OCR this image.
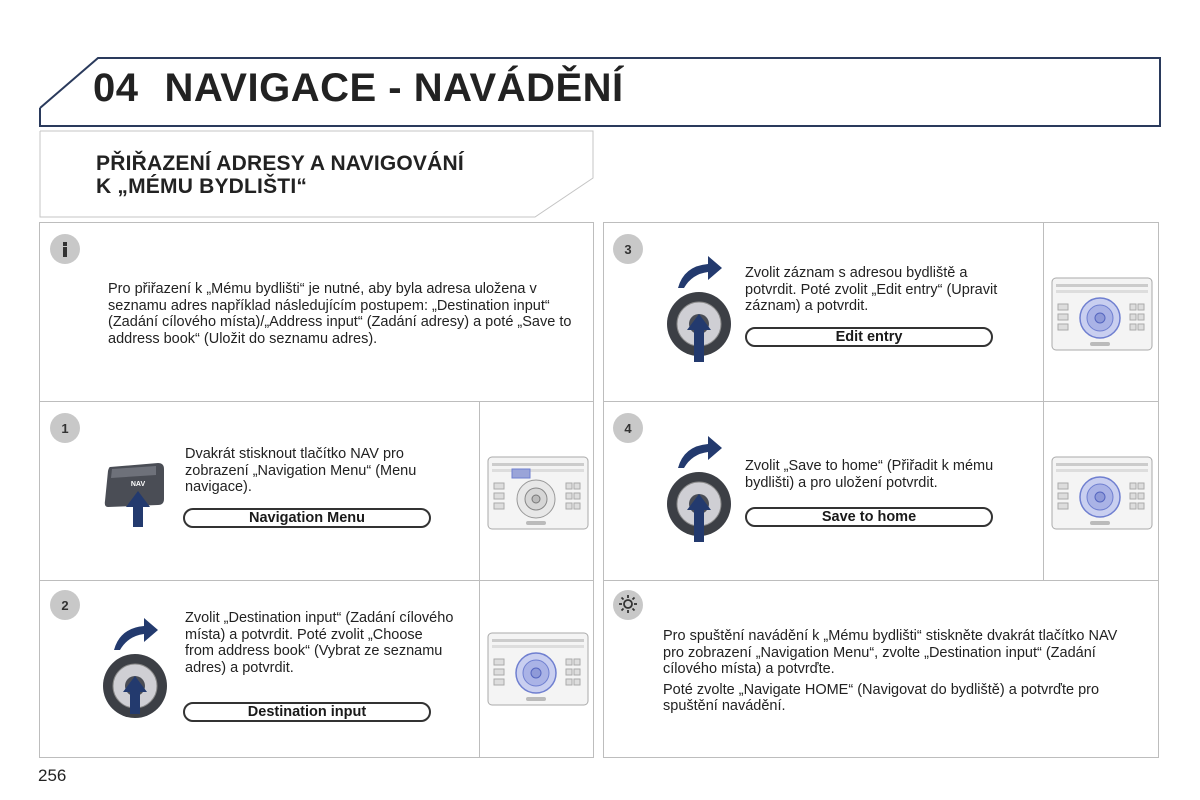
04 NAVIGACE - NAVÁDĚNÍ
PŘIŘAZENÍ ADRESY A NAVIGOVÁNÍ
K „MÉMU BYDLIŠTI“
Pro přiřazení k „Mému bydlišti“ je nutné, aby byla adresa uložena v seznamu adres například následujícím postupem: „Destination input“ (Zadání cílového místa)/„Address input“ (Zadání adresy) a poté „Save to address book“ (Uložit do seznamu adres).
1
Dvakrát stisknout tlačítko NAV pro zobrazení „Navigation Menu“ (Menu navigace).
Navigation Menu
NAV
2
Zvolit „Destination input“ (Zadání cílového místa) a potvrdit. Poté zvolit „Choose from address book“ (Vybrat ze seznamu adres) a potvrdit.
Destination input
3
Zvolit záznam s adresou bydliště a potvrdit. Poté zvolit „Edit entry“ (Upravit záznam) a potvrdit.
Edit entry
4
Zvolit „Save to home“ (Přiřadit k mému bydlišti) a pro uložení potvrdit.
Save to home
Pro spuštění navádění k „Mému bydlišti“ stiskněte dvakrát tlačítko NAV pro zobrazení „Navigation Menu“, zvolte „Destination input“ (Zadání cílového místa) a potvrďte.
Poté zvolte „Navigate HOME“ (Navigovat do bydliště) a potvrďte pro spuštění navádění.
256
